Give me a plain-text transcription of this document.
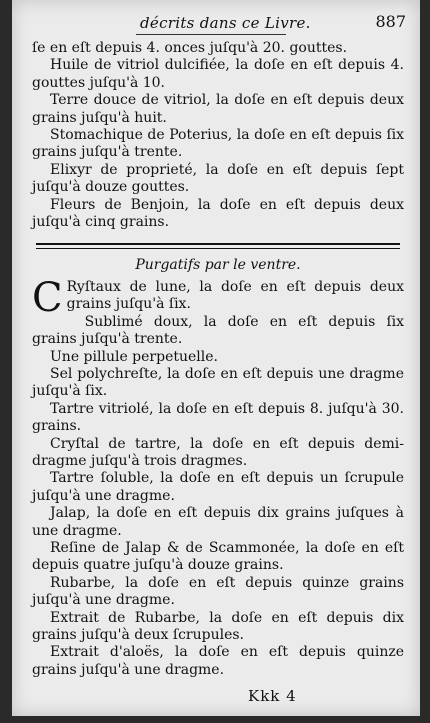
décrits dans ce Livre.	887

ſe en eſt depuis 4. onces juſqu'à 20. gouttes.

Huile de vitriol dulcifiée, la doſe en eſt depuis 4. gouttes juſqu'à 10.

Terre douce de vitriol, la doſe en eſt depuis deux grains juſqu'à huit.

Stomachique de Poterius, la doſe en eſt depuis ſix grains juſqu'à trente.

Elixyr de proprieté, la doſe en eſt depuis ſept juſqu'à douze gouttes.

Fleurs de Benjoin, la doſe en eſt depuis deux juſqu'à cinq grains.

Purgatifs par le ventre.

C Ryſtaux de lune, la doſe en eſt depuis deux grains juſqu'à ſix.

Sublimé doux, la doſe en eſt depuis ſix grains juſqu'à trente.

Une pillule perpetuelle.

Sel polychreſte, la doſe en eſt depuis une dragme juſqu'à ſix.

Tartre vitriolé, la doſe en eſt depuis 8. juſqu'à 30. grains.

Cryſtal de tartre, la doſe en eſt depuis demi-dragme juſqu'à trois dragmes.

Tartre ſoluble, la doſe en eſt depuis un ſcrupule juſqu'à une dragme.

Jalap, la doſe en eſt depuis dix grains juſques à une dragme.

Reſine de Jalap & de Scammonée, la doſe en eſt depuis quatre juſqu'à douze grains.

Rubarbe, la doſe en eſt depuis quinze grains juſqu'à une dragme.

Extrait de Rubarbe, la doſe en eſt depuis dix grains juſqu'à deux ſcrupules.

Extrait d'aloës, la doſe en eſt depuis quinze grains juſqu'à une dragme.

Kkk 4
